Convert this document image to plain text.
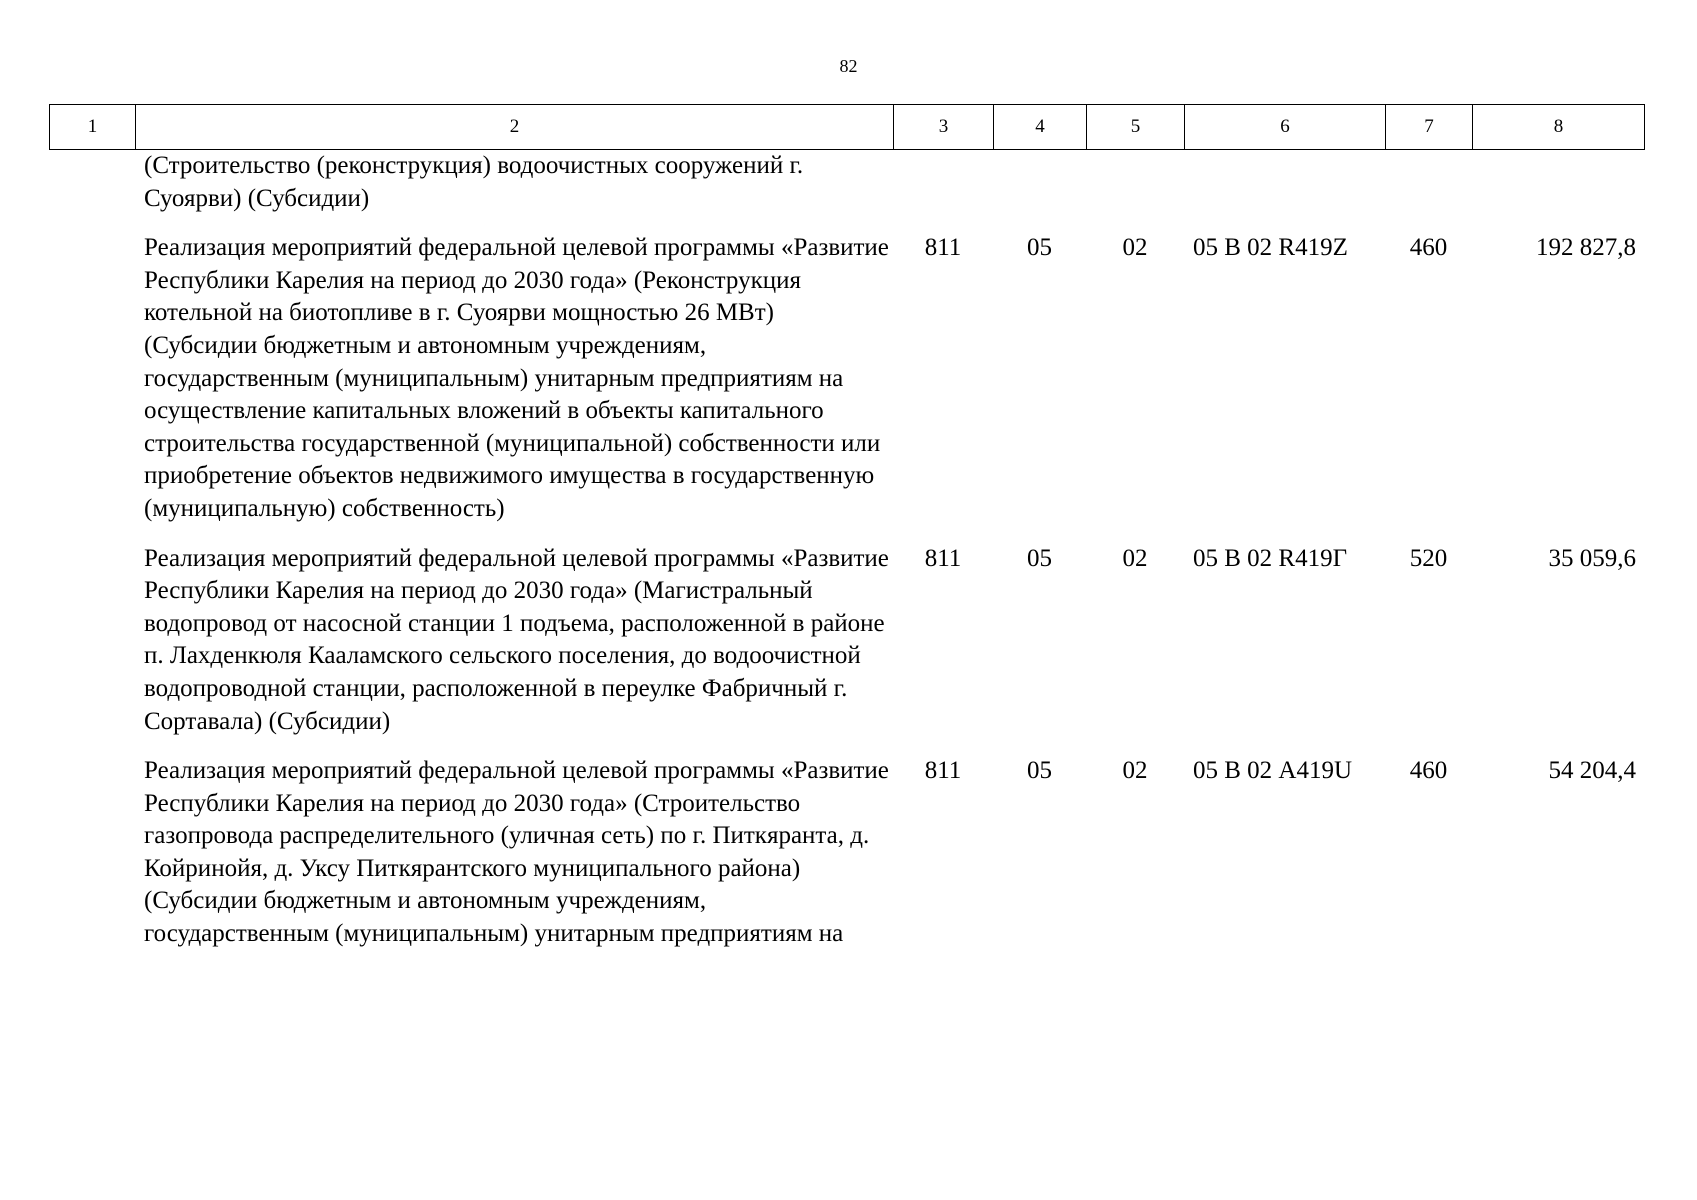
82
1	2	3	4	5	6	7	8
	(Строительство (реконструкция) водоочистных сооружений г. Суоярви) (Субсидии)						
	Реализация мероприятий федеральной целевой программы «Развитие Республики Карелия на период до 2030 года» (Реконструкция котельной на биотопливе в г. Суоярви мощностью 26 МВт) (Субсидии бюджетным и автономным учреждениям, государственным (муниципальным) унитарным предприятиям на осуществление капитальных вложений в объекты капитального строительства государственной (муниципальной) собственности или приобретение объектов недвижимого имущества в государственную (муниципальную) собственность)	811	05	02	05 В 02 R419Z	460	192 827,8
	Реализация мероприятий федеральной целевой программы «Развитие Республики Карелия на период до 2030 года» (Магистральный водопровод от насосной станции 1 подъема, расположенной в районе п. Лахденкюля Кааламского сельского поселения, до водоочистной водопроводной станции, расположенной в переулке Фабричный г. Сортавала) (Субсидии)	811	05	02	05 В 02 R419Г	520	35 059,6
	Реализация мероприятий федеральной целевой программы «Развитие Республики Карелия на период до 2030 года» (Строительство газопровода распределительного (уличная сеть) по г. Питкяранта, д. Койринойя, д. Уксу Питкярантского муниципального района) (Субсидии бюджетным и автономным учреждениям, государственным (муниципальным) унитарным предприятиям на	811	05	02	05 В 02 А419U	460	54 204,4
